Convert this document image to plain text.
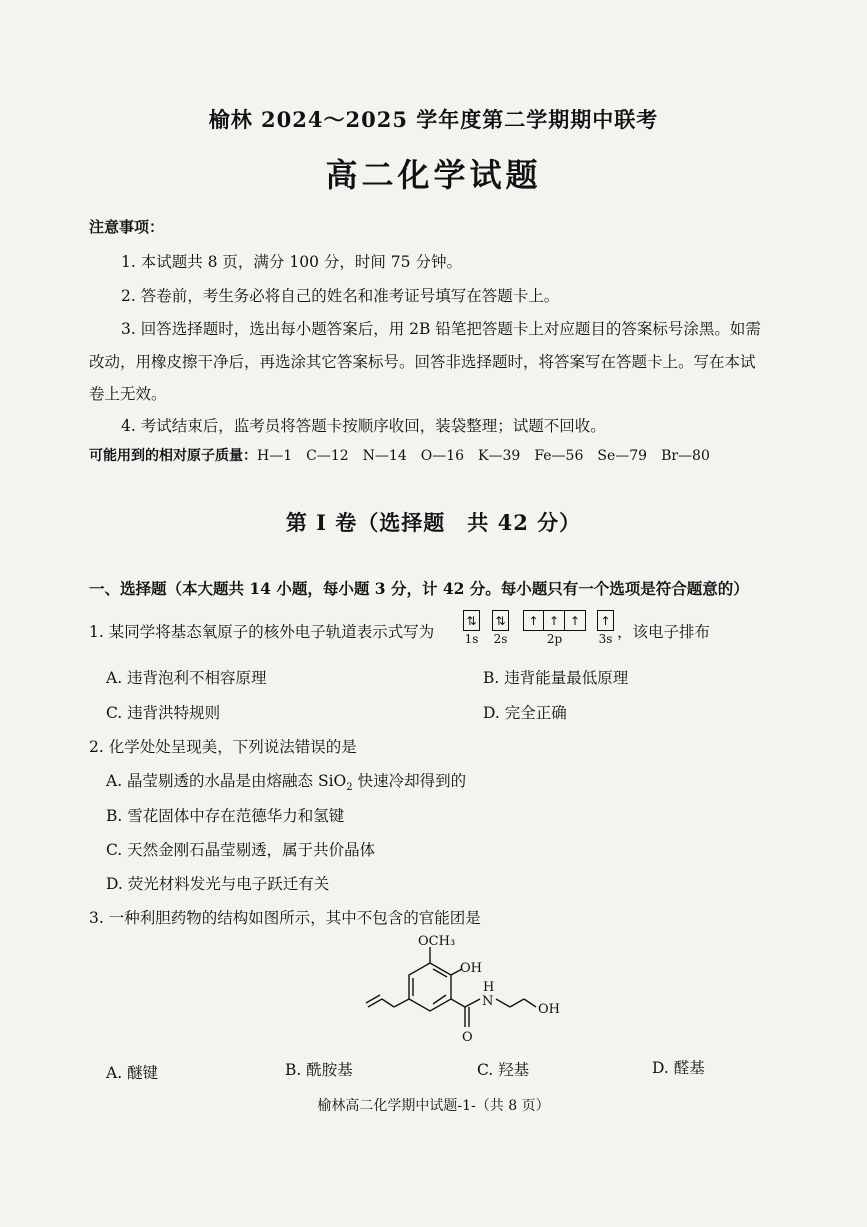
榆林 2024～2025 学年度第二学期期中联考
高二化学试题
注意事项：
1. 本试题共 8 页，满分 100 分，时间 75 分钟。
2. 答卷前，考生务必将自己的姓名和准考证号填写在答题卡上。
3. 回答选择题时，选出每小题答案后，用 2B 铅笔把答题卡上对应题目的答案标号涂黑。如需
改动，用橡皮擦干净后，再选涂其它答案标号。回答非选择题时，将答案写在答题卡上。写在本试
卷上无效。
4. 考试结束后，监考员将答题卡按顺序收回，装袋整理；试题不回收。
可能用到的相对原子质量：H—1 C—12 N—14 O—16 K—39 Fe—56 Se—79 Br—80
第 Ⅰ 卷（选择题　共 42 分）
一、选择题（本大题共 14 小题，每小题 3 分，计 42 分。每小题只有一个选项是符合题意的）
1. 某同学将基态氧原子的核外电子轨道表示式写为
⇅
1s
⇅
2s
↑ ↑ ↑
2p
↑
3s ，该电子排布
A. 违背泡利不相容原理	B. 违背能量最低原理
C. 违背洪特规则	D. 完全正确
2. 化学处处呈现美，下列说法错误的是
A. 晶莹剔透的水晶是由熔融态 SiO$_2$ 快速冷却得到的
B. 雪花固体中存在范德华力和氢键
C. 天然金刚石晶莹剔透，属于共价晶体
D. 荧光材料发光与电子跃迁有关
3. 一种利胆药物的结构如图所示，其中不包含的官能团是
OCH₃
OH
H
N
O
OH
A. 醚键	B. 酰胺基	C. 羟基	D. 醛基
榆林高二化学期中试题-1-（共 8 页）
